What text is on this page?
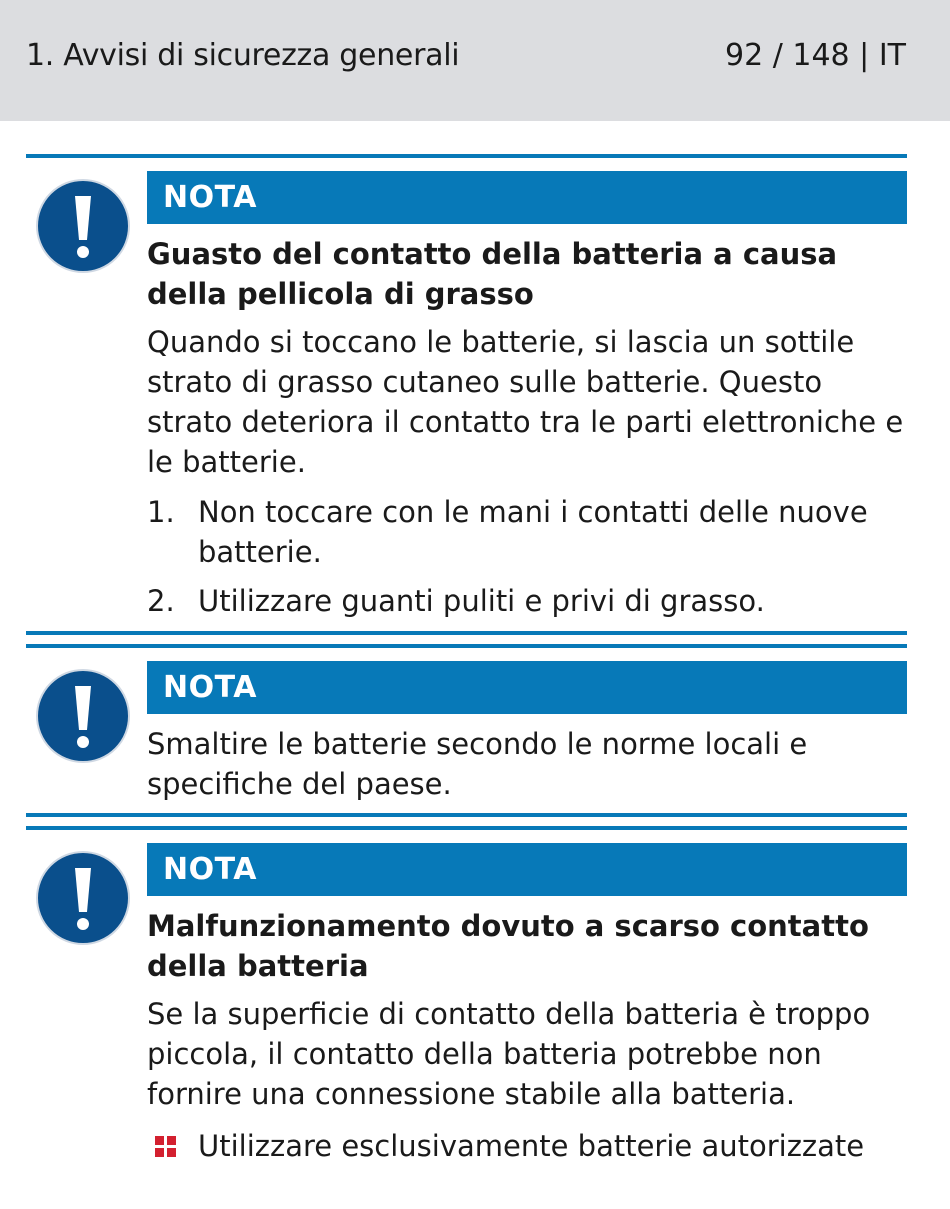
1. Avvisi di sicurezza generali	92 / 148 | IT
NOTA
Guasto del contatto della batteria a causa della pellicola di grasso
Quando si toccano le batterie, si lascia un sottile strato di grasso cutaneo sulle batterie. Questo strato deteriora il contatto tra le parti elettroniche e le batterie.
1. Non toccare con le mani i contatti delle nuove batterie.
2. Utilizzare guanti puliti e privi di grasso.
NOTA
Smaltire le batterie secondo le norme locali e specifiche del paese.
NOTA
Malfunzionamento dovuto a scarso contatto della batteria
Se la superficie di contatto della batteria è troppo piccola, il contatto della batteria potrebbe non fornire una connessione stabile alla batteria.
Utilizzare esclusivamente batterie autorizzate
